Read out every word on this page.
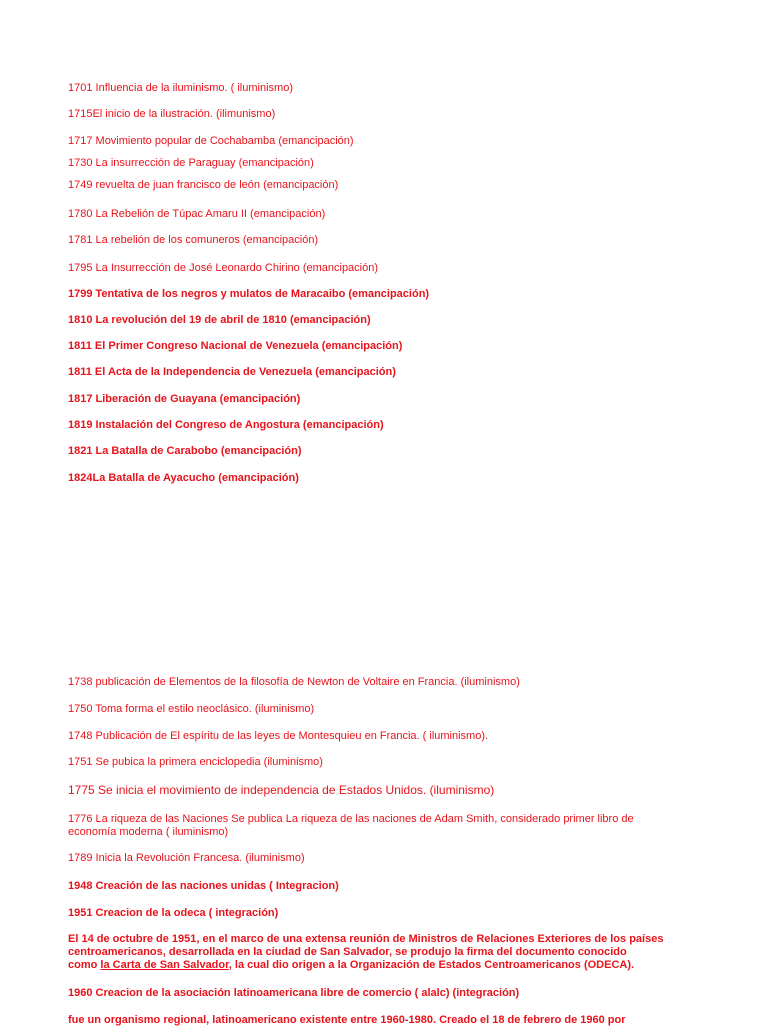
1701 Influencia de la iluminismo. ( iluminismo)
1715El inicio de la ilustración. (ilimunismo)
1717 Movimiento popular de Cochabamba (emancipación)
1730 La insurrección de Paraguay (emancipación)
1749 revuelta de juan francisco de león (emancipación)
1780 La Rebelión de Túpac Amaru II (emancipación)
1781 La rebelión de los comuneros (emancipación)
1795 La Insurrección de José Leonardo Chirino (emancipación)
1799 Tentativa de los negros y mulatos de Maracaibo (emancipación)
1810 La revolución del 19 de abril de 1810 (emancipación)
1811 El Primer Congreso Nacional de Venezuela (emancipación)
1811 El Acta de la Independencia de Venezuela (emancipación)
1817 Liberación de Guayana (emancipación)
1819 Instalación del Congreso de Angostura (emancipación)
1821 La Batalla de Carabobo (emancipación)
1824La Batalla de Ayacucho (emancipación)
1738 publicación de Elementos de la filosofía de Newton de Voltaire en Francia. (iluminismo)
1750 Toma forma el estilo neoclásico. (iluminismo)
1748 Publicación de El espíritu de las leyes de Montesquieu en Francia. ( iluminismo).
1751 Se pubica la primera enciclopedia (iluminismo)
1775 Se inicia el movimiento de independencia de Estados Unidos. (iluminismo)
1776 La riqueza de las Naciones Se publica La riqueza de las naciones de Adam Smith, considerado primer libro de
economía moderna ( iluminismo)
1789 Inicia la Revolución Francesa. (iluminismo)
1948 Creación de las naciones unidas ( Integracion)
1951 Creacion de la odeca ( integración)
El 14 de octubre de 1951, en el marco de una extensa reunión de Ministros de Relaciones Exteriores de los países
centroamericanos, desarrollada en la ciudad de San Salvador, se produjo la firma del documento conocido
como la Carta de San Salvador, la cual dio origen a la Organización de Estados Centroamericanos (ODECA).
1960 Creacion de la asociación latinoamericana libre de comercio ( alalc) (integración)
fue un organismo regional, latinoamericano existente entre 1960-1980. Creado el 18 de febrero de 1960 por
